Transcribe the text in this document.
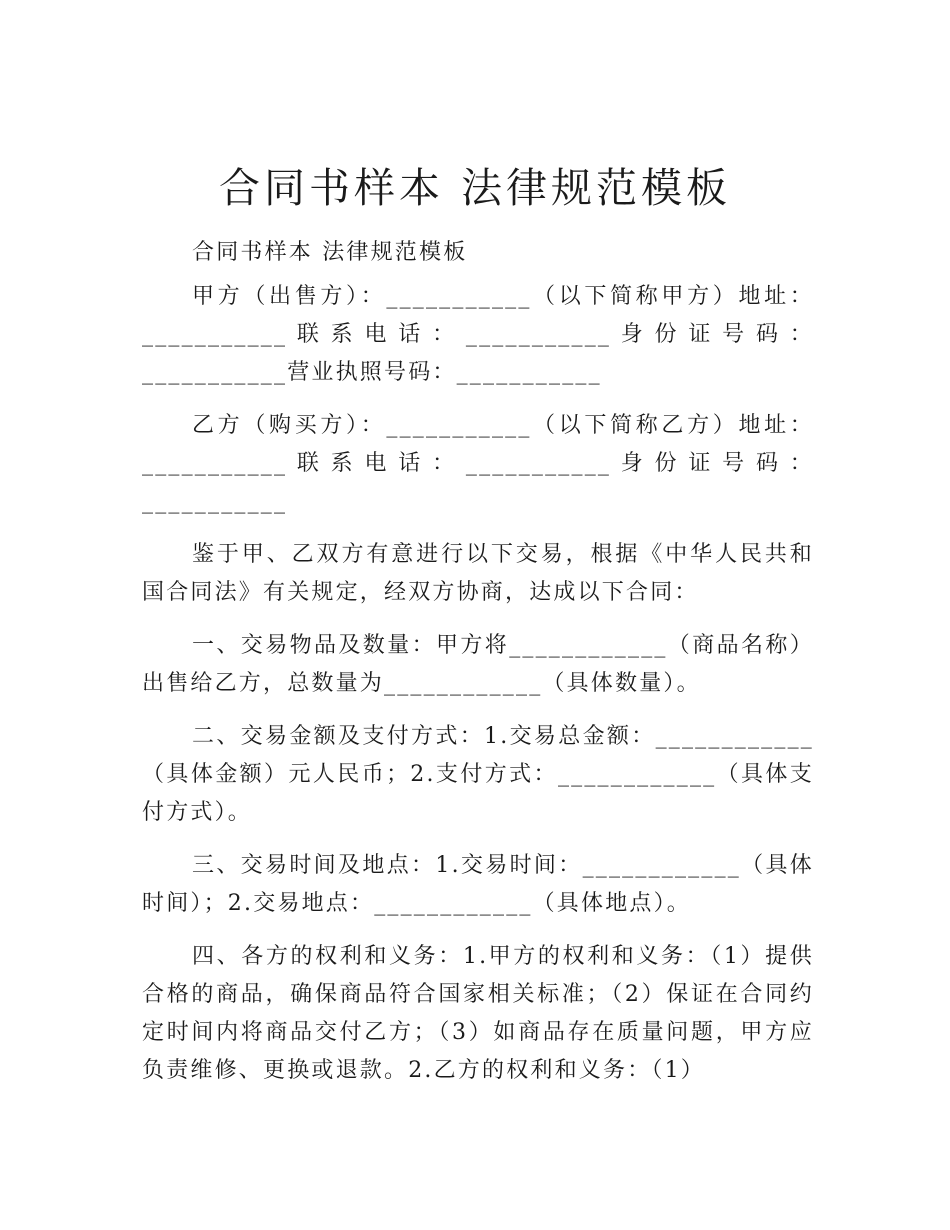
合同书样本 法律规范模板

合同书样本 法律规范模板

甲方（出售方）：___________（以下简称甲方）地址：___________联系电话：___________身份证号码：___________营业执照号码：___________

乙方（购买方）：___________（以下简称乙方）地址：___________联系电话：___________身份证号码：___________

鉴于甲、乙双方有意进行以下交易，根据《中华人民共和国合同法》有关规定，经双方协商，达成以下合同：

一、交易物品及数量：甲方将____________（商品名称）出售给乙方，总数量为____________（具体数量）。

二、交易金额及支付方式：1.交易总金额：____________（具体金额）元人民币；2.支付方式：____________（具体支付方式）。

三、交易时间及地点：1.交易时间：____________（具体时间）；2.交易地点：____________（具体地点）。

四、各方的权利和义务：1.甲方的权利和义务：（1）提供合格的商品，确保商品符合国家相关标准；（2）保证在合同约定时间内将商品交付乙方；（3）如商品存在质量问题，甲方应负责维修、更换或退款。2.乙方的权利和义务：（1）
